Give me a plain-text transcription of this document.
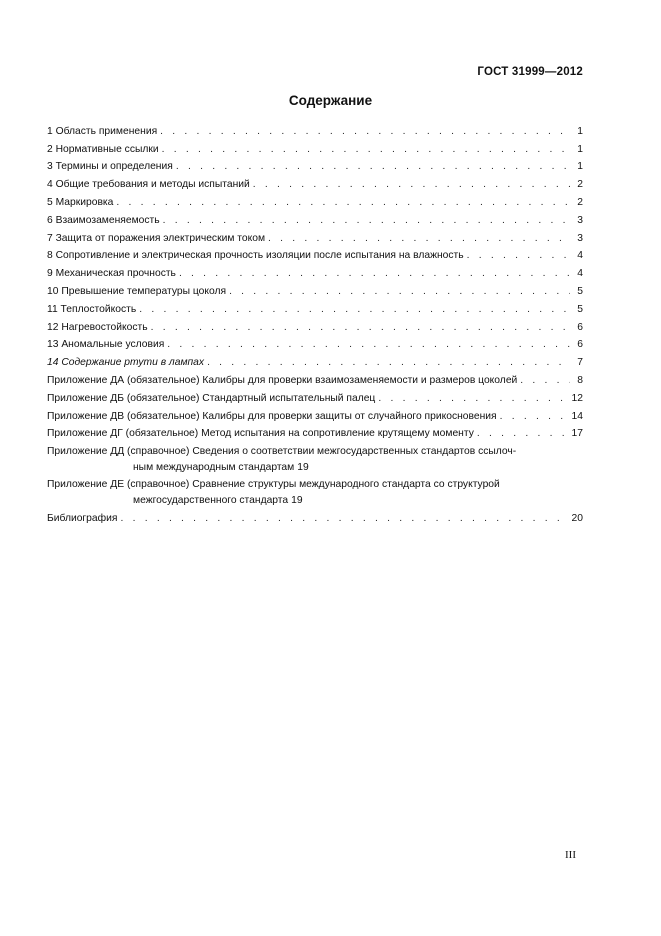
ГОСТ 31999—2012
Содержание
1 Область применения . . .	1
2 Нормативные ссылки . . .	1
3 Термины и определения . . .	1
4 Общие требования и методы испытаний . . .	2
5 Маркировка . . .	2
6 Взаимозаменяемость . . .	3
7 Защита от поражения электрическим током . . .	3
8 Сопротивление и электрическая прочность изоляции после испытания на влажность . . .	4
9 Механическая прочность . . .	4
10 Превышение температуры цоколя . . .	5
11 Теплостойкость . . .	5
12 Нагревостойкость . . .	6
13 Аномальные условия . . .	6
14 Содержание ртути в лампах . . .	7
Приложение ДА (обязательное) Калибры для проверки взаимозаменяемости и размеров цоколей . . .	8
Приложение ДБ (обязательное) Стандартный испытательный палец . . .	12
Приложение ДВ (обязательное) Калибры для проверки защиты от случайного прикосновения . . .	14
Приложение ДГ (обязательное) Метод испытания на сопротивление крутящему моменту . . .	17
Приложение ДД (справочное) Сведения о соответствии межгосударственных стандартов ссылоч-
ным международным стандартам 19
Приложение ДЕ (справочное) Сравнение структуры международного стандарта со структурой
межгосударственного стандарта 19
Библиография . . .	20
III
